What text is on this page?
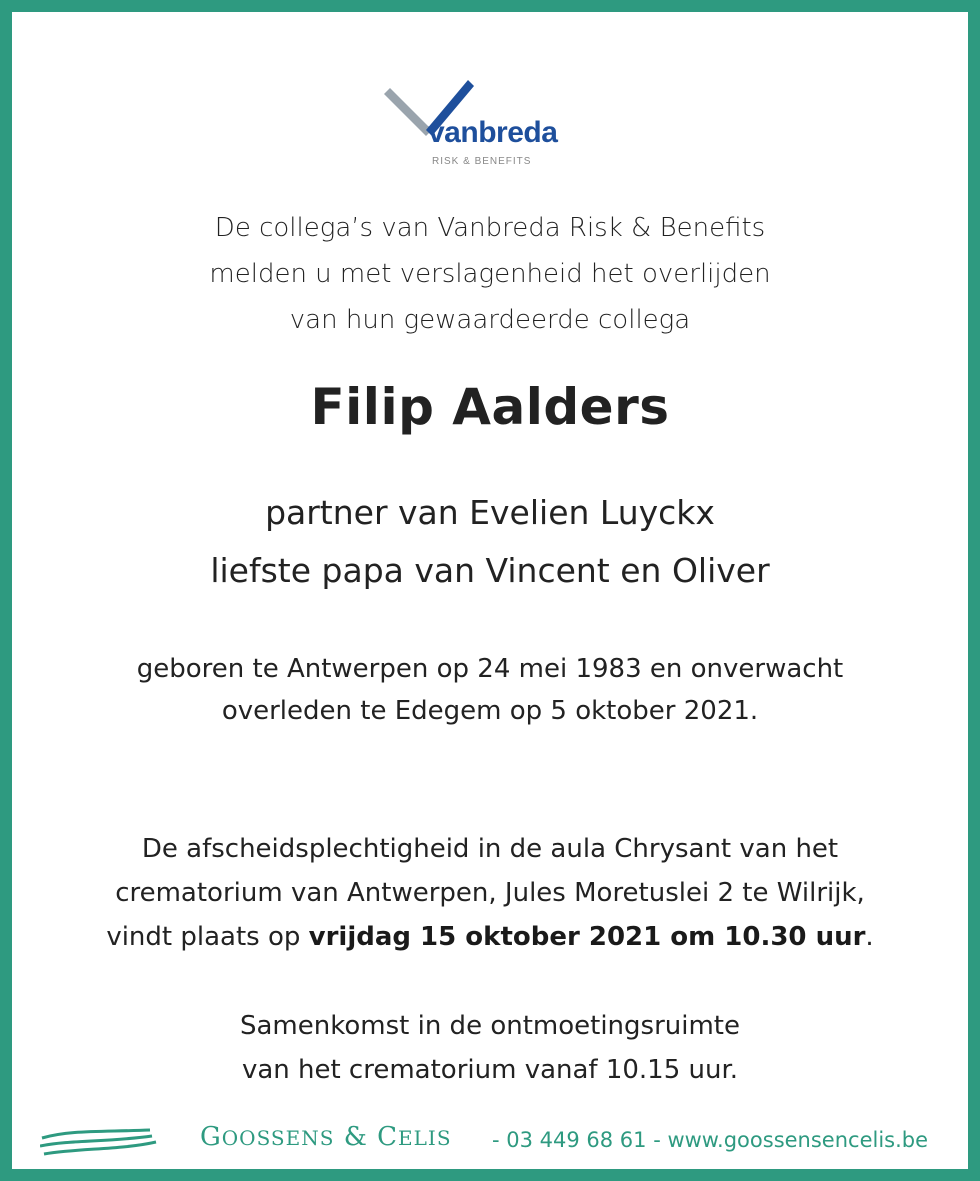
vanbreda
RISK & BENEFITS
De collega’s van Vanbreda Risk & Benefits
melden u met verslagenheid het overlijden
van hun gewaardeerde collega
Filip Aalders
partner van Evelien Luyckx
liefste papa van Vincent en Oliver
geboren te Antwerpen op 24 mei 1983 en onverwacht
overleden te Edegem op 5 oktober 2021.
De afscheidsplechtigheid in de aula Chrysant van het
crematorium van Antwerpen, Jules Moretuslei 2 te Wilrijk,
vindt plaats op vrijdag 15 oktober 2021 om 10.30 uur.
Samenkomst in de ontmoetingsruimte
van het crematorium vanaf 10.15 uur.
GOOSSENS & CELIS - 03 449 68 61 - www.goossensencelis.be
